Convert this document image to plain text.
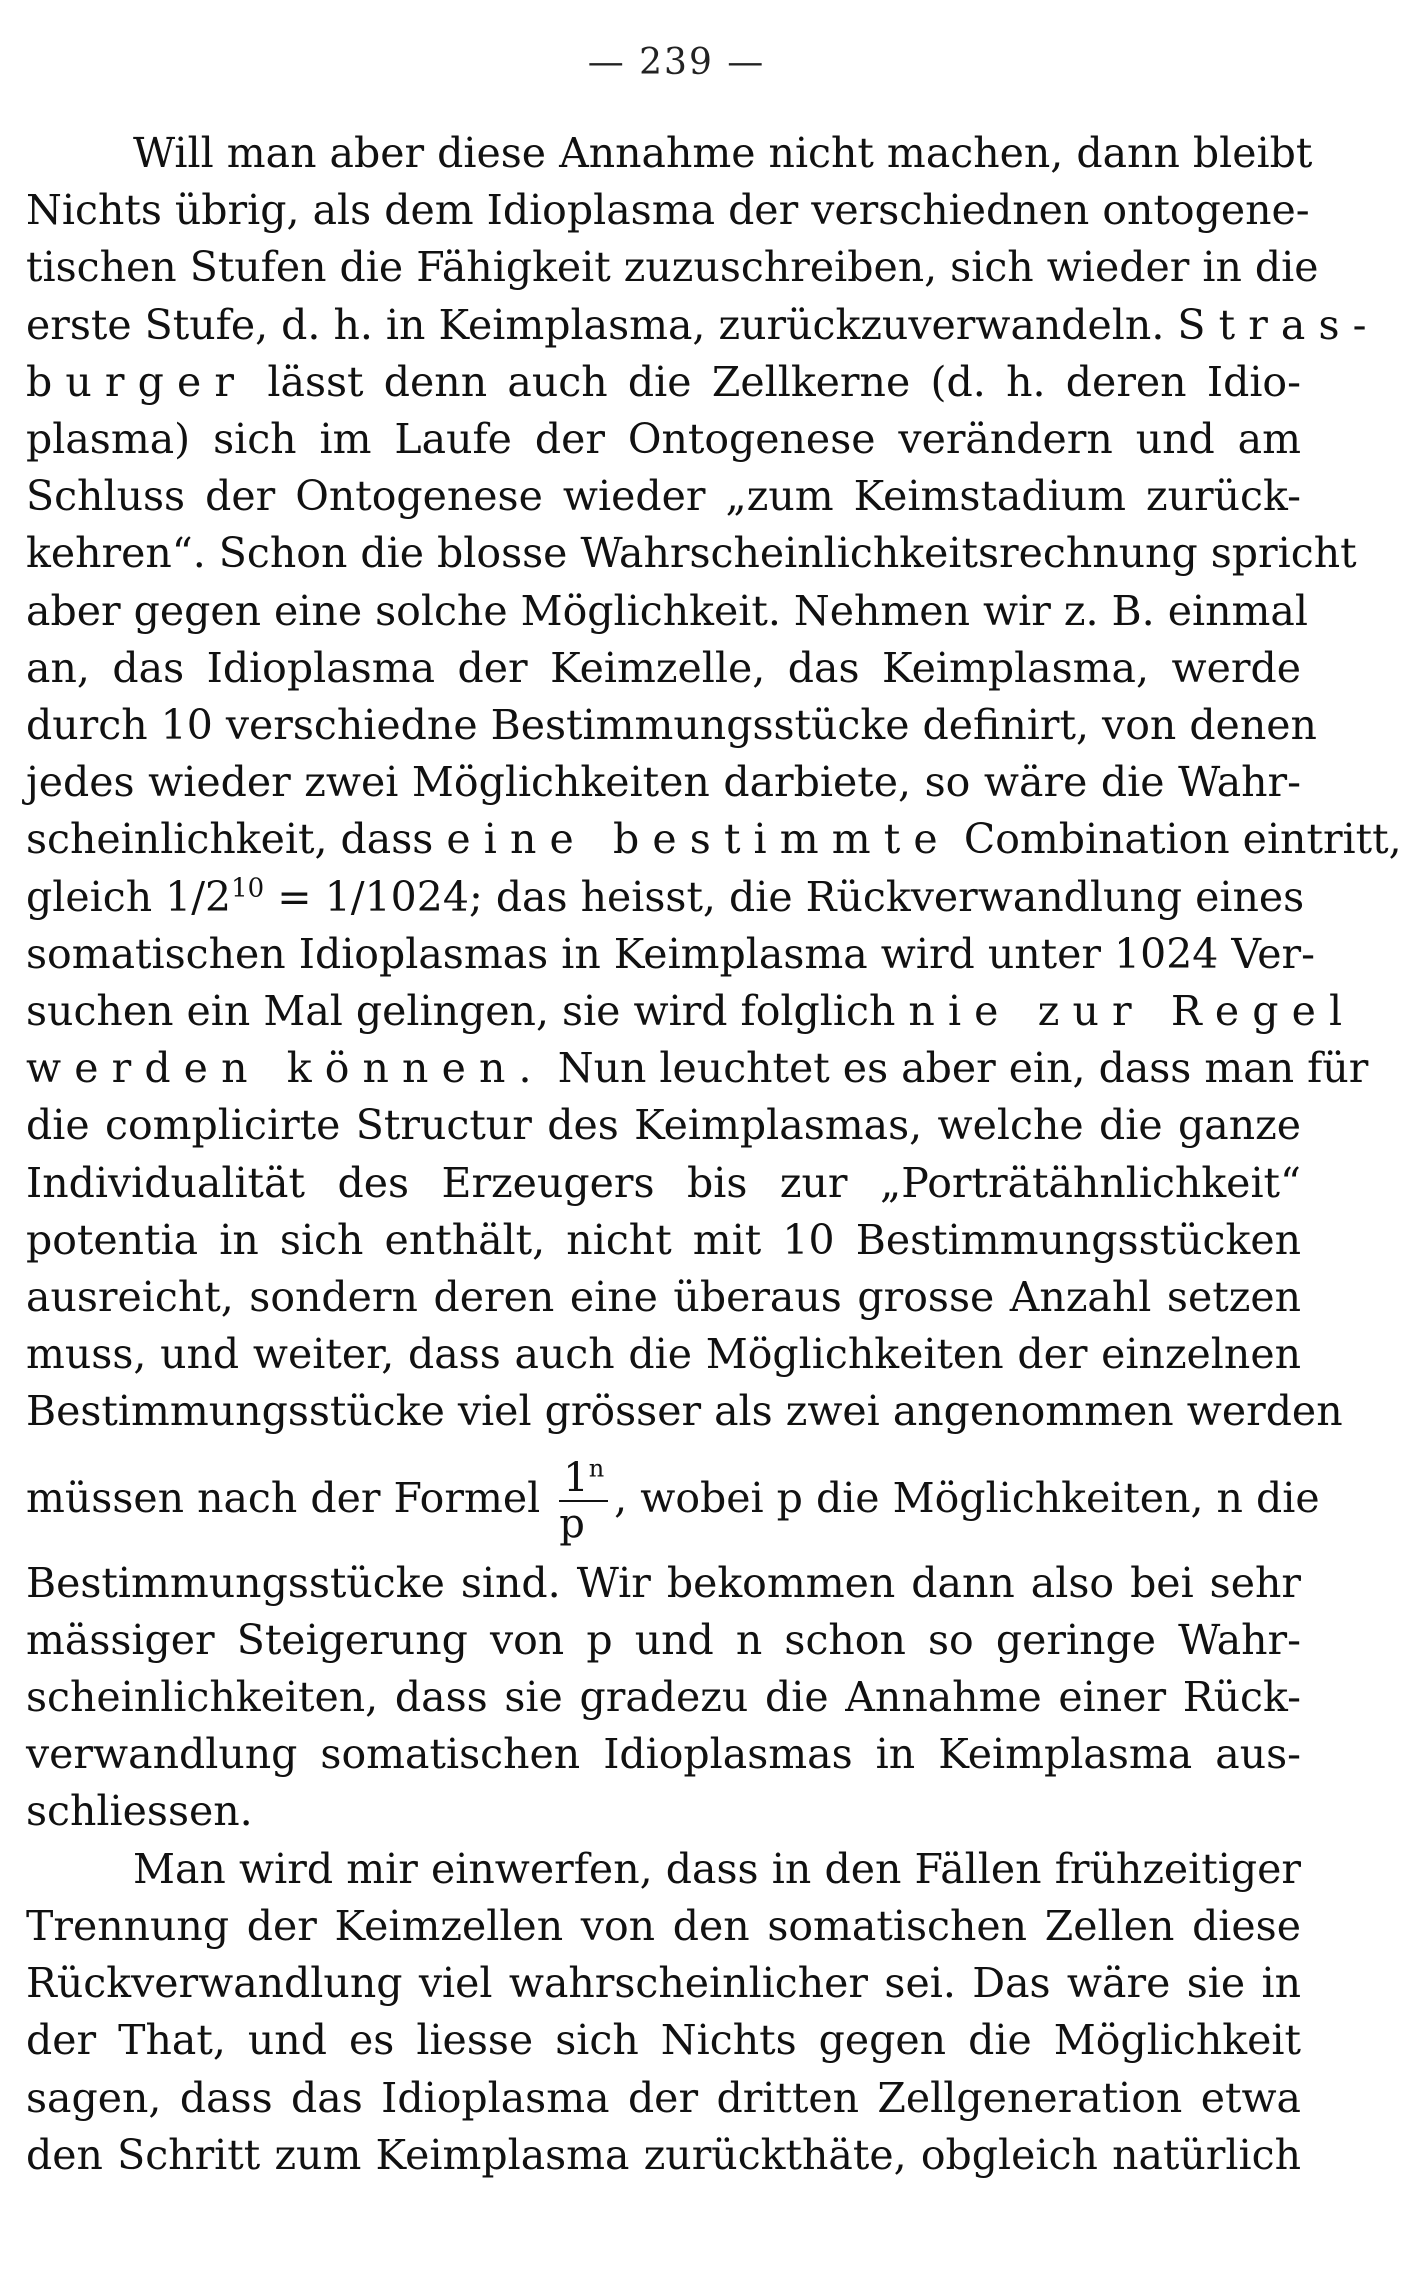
— 239 —

Will man aber diese Annahme nicht machen, dann bleibt
Nichts übrig, als dem Idioplasma der verschiednen ontogene-
tischen Stufen die Fähigkeit zuzuschreiben, sich wieder in die
erste Stufe, d. h. in Keimplasma, zurückzuverwandeln. Stras-
burger lässt denn auch die Zellkerne (d. h. deren Idio-
plasma) sich im Laufe der Ontogenese verändern und am
Schluss der Ontogenese wieder „zum Keimstadium zurück-
kehren“. Schon die blosse Wahrscheinlichkeitsrechnung spricht
aber gegen eine solche Möglichkeit. Nehmen wir z. B. einmal
an, das Idioplasma der Keimzelle, das Keimplasma, werde
durch 10 verschiedne Bestimmungsstücke definirt, von denen
jedes wieder zwei Möglichkeiten darbiete, so wäre die Wahr-
scheinlichkeit, dass eine bestimmte Combination eintritt,
gleich $1/2^{10} = 1/1024$; das heisst, die Rückverwandlung eines
somatischen Idioplasmas in Keimplasma wird unter 1024 Ver-
suchen ein Mal gelingen, sie wird folglich nie zur Regel
werden können. Nun leuchtet es aber ein, dass man für
die complicirte Structur des Keimplasmas, welche die ganze
Individualität des Erzeugers bis zur „Porträtähnlichkeit“
potentia in sich enthält, nicht mit 10 Bestimmungsstücken
ausreicht, sondern deren eine überaus grosse Anzahl setzen
muss, und weiter, dass auch die Möglichkeiten der einzelnen
Bestimmungsstücke viel grösser als zwei angenommen werden
müssen nach der Formel $\frac{1^n}{p}$ , wobei p die Möglichkeiten, n die
Bestimmungsstücke sind. Wir bekommen dann also bei sehr
mässiger Steigerung von p und n schon so geringe Wahr-
scheinlichkeiten, dass sie gradezu die Annahme einer Rück-
verwandlung somatischen Idioplasmas in Keimplasma aus-
schliessen.

Man wird mir einwerfen, dass in den Fällen frühzeitiger
Trennung der Keimzellen von den somatischen Zellen diese
Rückverwandlung viel wahrscheinlicher sei. Das wäre sie in
der That, und es liesse sich Nichts gegen die Möglichkeit
sagen, dass das Idioplasma der dritten Zellgeneration etwa
den Schritt zum Keimplasma zurückthäte, obgleich natürlich
